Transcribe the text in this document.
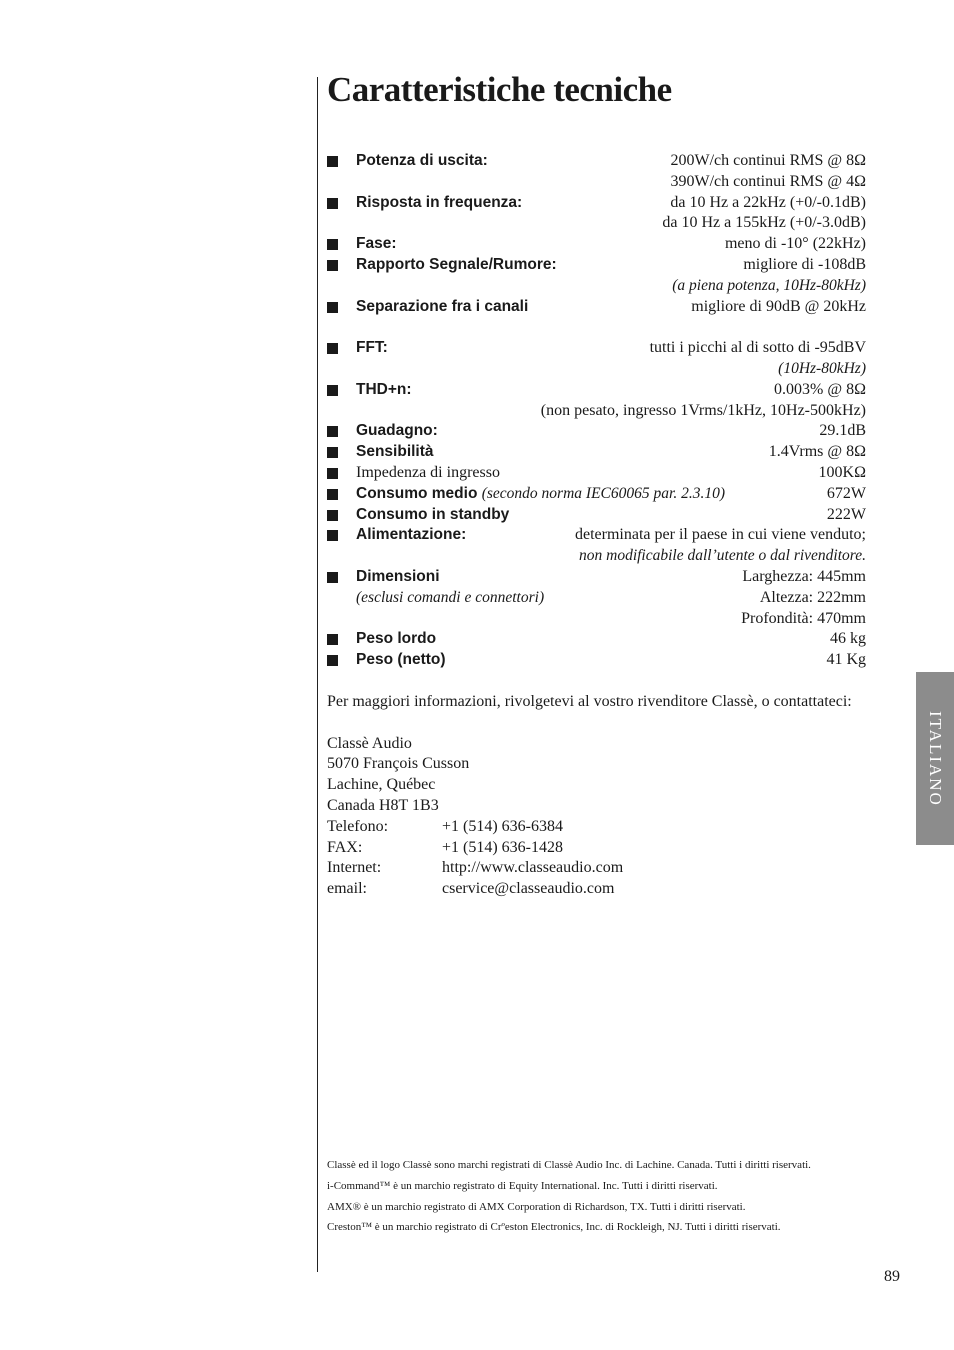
Caratteristiche tecniche
Potenza di uscita:	200W/ch continui RMS @ 8Ω
390W/ch continui RMS @ 4Ω
Risposta in frequenza:	da 10 Hz a 22kHz (+0/-0.1dB)
da 10 Hz a 155kHz (+0/-3.0dB)
Fase:	meno di -10° (22kHz)
Rapporto Segnale/Rumore:	migliore di -108dB
(a piena potenza, 10Hz-80kHz)
Separazione fra i canali	migliore di 90dB @ 20kHz
FFT:	tutti i picchi al di sotto di -95dBV
(10Hz-80kHz)
THD+n:	0.003% @ 8Ω
(non pesato, ingresso 1Vrms/1kHz, 10Hz-500kHz)
Guadagno:	29.1dB
Sensibilità	1.4Vrms @ 8Ω
Impedenza di ingresso	100KΩ
Consumo medio (secondo norma IEC60065 par. 2.3.10)	672W
Consumo in standby	222W
Alimentazione:	determinata per il paese in cui viene venduto;
non modificabile dall’utente o dal rivenditore.
Dimensioni	Larghezza: 445mm
(esclusi comandi e connettori)	Altezza: 222mm
Profondità: 470mm
Peso lordo	46 kg
Peso (netto)	41 Kg

Per maggiori informazioni, rivolgetevi al vostro rivenditore Classè, o contattateci:

Classè Audio

5070 François Cusson

Lachine, Québec

Canada H8T 1B3

Telefono:	+1 (514) 636-6384

FAX:	+1 (514) 636-1428

Internet:	http://www.classeaudio.com

email:	cservice@classeaudio.com

ITALIANO

Classè ed il logo Classè sono marchi registrati di Classè Audio Inc. di Lachine. Canada. Tutti i diritti riservati.

i-Command™ è un marchio registrato di Equity International. Inc. Tutti i diritti riservati.

AMX® è un marchio registrato di AMX Corporation di Richardson, TX. Tutti i diritti riservati.

Creston™ è un marchio registrato di Crºeston Electronics, Inc. di Rockleigh, NJ. Tutti i diritti riservati.

89
